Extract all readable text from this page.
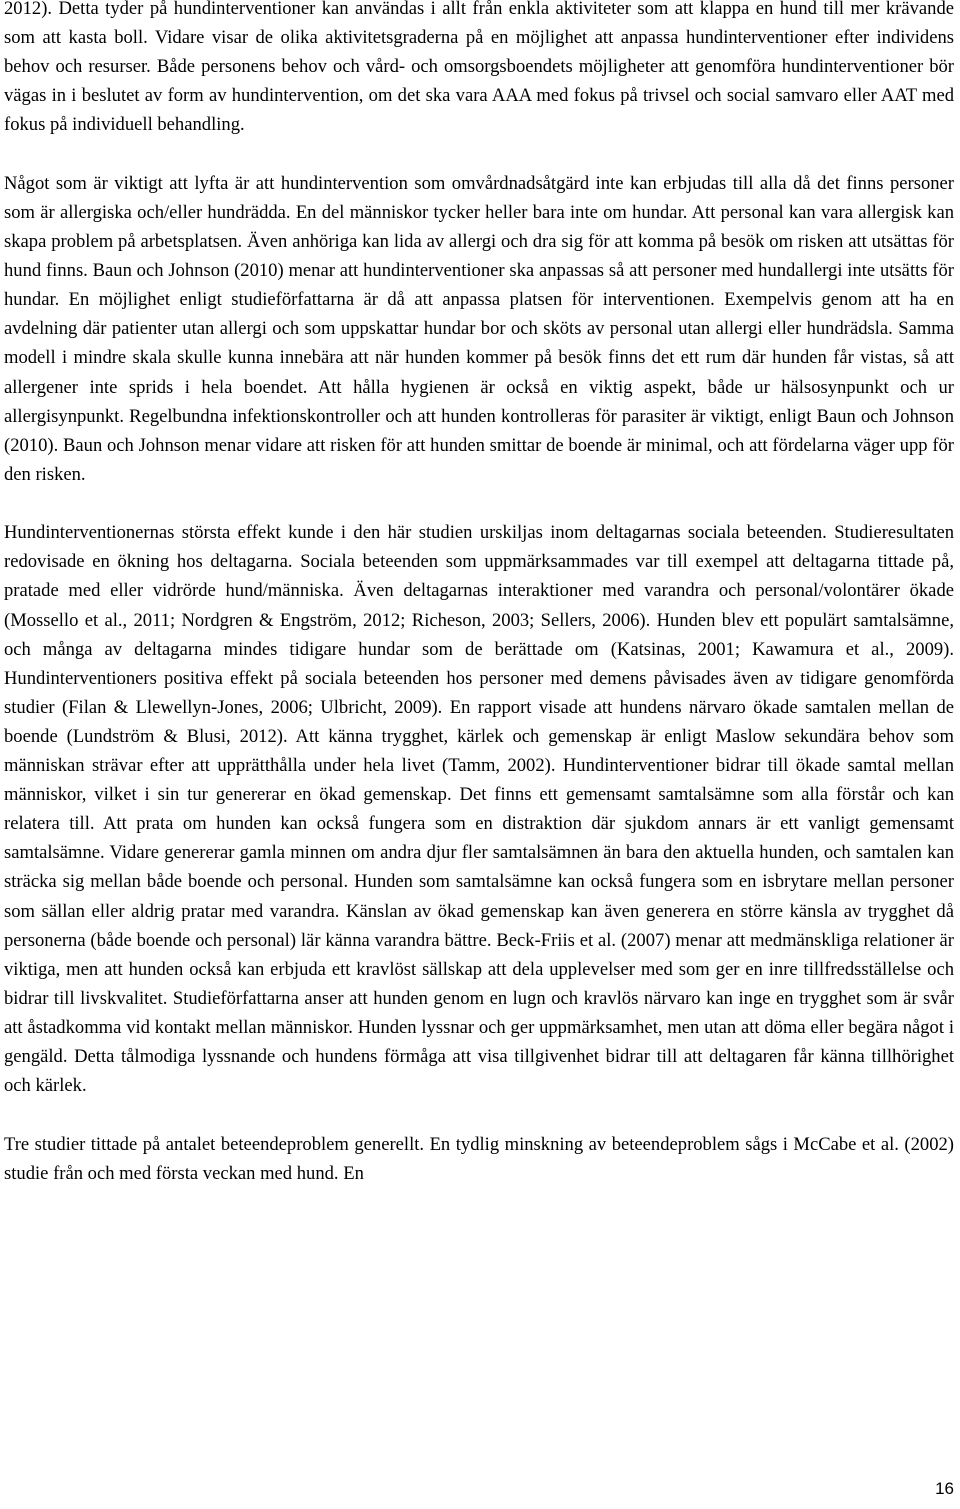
2012). Detta tyder på hundinterventioner kan användas i allt från enkla aktiviteter som att klappa en hund till mer krävande som att kasta boll. Vidare visar de olika aktivitetsgraderna på en möjlighet att anpassa hundinterventioner efter individens behov och resurser. Både personens behov och vård- och omsorgsboendets möjligheter att genomföra hundinterventioner bör vägas in i beslutet av form av hundintervention, om det ska vara AAA med fokus på trivsel och social samvaro eller AAT med fokus på individuell behandling.

Något som är viktigt att lyfta är att hundintervention som omvårdnadsåtgärd inte kan erbjudas till alla då det finns personer som är allergiska och/eller hundrädda. En del människor tycker heller bara inte om hundar. Att personal kan vara allergisk kan skapa problem på arbetsplatsen. Även anhöriga kan lida av allergi och dra sig för att komma på besök om risken att utsättas för hund finns. Baun och Johnson (2010) menar att hundinterventioner ska anpassas så att personer med hundallergi inte utsätts för hundar. En möjlighet enligt studieförfattarna är då att anpassa platsen för interventionen. Exempelvis genom att ha en avdelning där patienter utan allergi och som uppskattar hundar bor och sköts av personal utan allergi eller hundrädsla. Samma modell i mindre skala skulle kunna innebära att när hunden kommer på besök finns det ett rum där hunden får vistas, så att allergener inte sprids i hela boendet. Att hålla hygienen är också en viktig aspekt, både ur hälsosynpunkt och ur allergisynpunkt. Regelbundna infektionskontroller och att hunden kontrolleras för parasiter är viktigt, enligt Baun och Johnson (2010). Baun och Johnson menar vidare att risken för att hunden smittar de boende är minimal, och att fördelarna väger upp för den risken.

Hundinterventionernas största effekt kunde i den här studien urskiljas inom deltagarnas sociala beteenden. Studieresultaten redovisade en ökning hos deltagarna. Sociala beteenden som uppmärksammades var till exempel att deltagarna tittade på, pratade med eller vidrörde hund/människa. Även deltagarnas interaktioner med varandra och personal/volontärer ökade (Mossello et al., 2011; Nordgren & Engström, 2012; Richeson, 2003; Sellers, 2006). Hunden blev ett populärt samtalsämne, och många av deltagarna mindes tidigare hundar som de berättade om (Katsinas, 2001; Kawamura et al., 2009). Hundinterventioners positiva effekt på sociala beteenden hos personer med demens påvisades även av tidigare genomförda studier (Filan & Llewellyn-Jones, 2006; Ulbricht, 2009). En rapport visade att hundens närvaro ökade samtalen mellan de boende (Lundström & Blusi, 2012). Att känna trygghet, kärlek och gemenskap är enligt Maslow sekundära behov som människan strävar efter att upprätthålla under hela livet (Tamm, 2002). Hundinterventioner bidrar till ökade samtal mellan människor, vilket i sin tur genererar en ökad gemenskap. Det finns ett gemensamt samtalsämne som alla förstår och kan relatera till. Att prata om hunden kan också fungera som en distraktion där sjukdom annars är ett vanligt gemensamt samtalsämne. Vidare genererar gamla minnen om andra djur fler samtalsämnen än bara den aktuella hunden, och samtalen kan sträcka sig mellan både boende och personal. Hunden som samtalsämne kan också fungera som en isbrytare mellan personer som sällan eller aldrig pratar med varandra. Känslan av ökad gemenskap kan även generera en större känsla av trygghet då personerna (både boende och personal) lär känna varandra bättre. Beck-Friis et al. (2007) menar att medmänskliga relationer är viktiga, men att hunden också kan erbjuda ett kravlöst sällskap att dela upplevelser med som ger en inre tillfredsställelse och bidrar till livskvalitet. Studieförfattarna anser att hunden genom en lugn och kravlös närvaro kan inge en trygghet som är svår att åstadkomma vid kontakt mellan människor. Hunden lyssnar och ger uppmärksamhet, men utan att döma eller begära något i gengäld. Detta tålmodiga lyssnande och hundens förmåga att visa tillgivenhet bidrar till att deltagaren får känna tillhörighet och kärlek.

Tre studier tittade på antalet beteendeproblem generellt. En tydlig minskning av beteendeproblem sågs i McCabe et al. (2002) studie från och med första veckan med hund. En

16
